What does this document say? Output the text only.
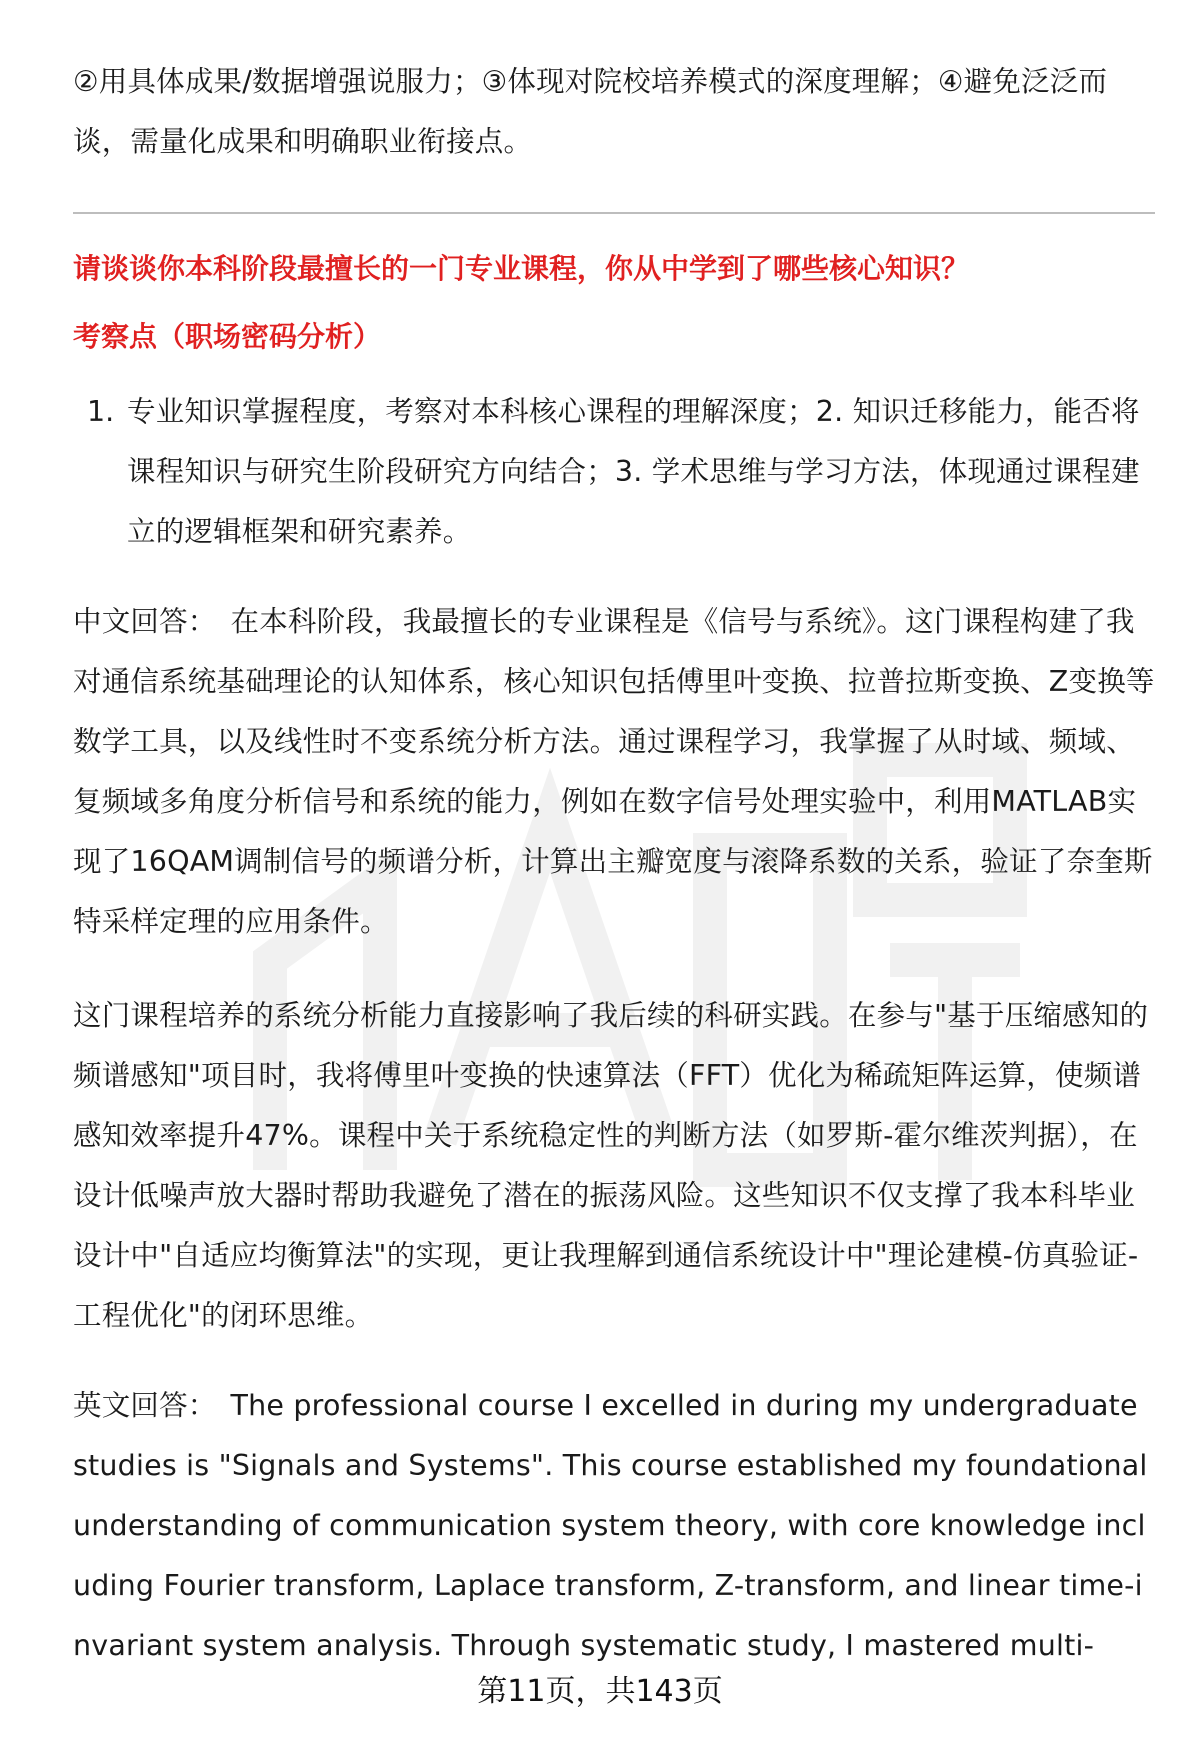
②用具体成果/数据增强说服力；③体现对院校培养模式的深度理解；④避免泛泛而谈，需量化成果和明确职业衔接点。

请谈谈你本科阶段最擅长的一门专业课程，你从中学到了哪些核心知识？

考察点（职场密码分析）

1. 专业知识掌握程度，考察对本科核心课程的理解深度；2. 知识迁移能力，能否将课程知识与研究生阶段研究方向结合；3. 学术思维与学习方法，体现通过课程建立的逻辑框架和研究素养。

中文回答： 在本科阶段，我最擅长的专业课程是《信号与系统》。这门课程构建了我对通信系统基础理论的认知体系，核心知识包括傅里叶变换、拉普拉斯变换、Z变换等数学工具，以及线性时不变系统分析方法。通过课程学习，我掌握了从时域、频域、复频域多角度分析信号和系统的能力，例如在数字信号处理实验中，利用MATLAB实现了16QAM调制信号的频谱分析，计算出主瓣宽度与滚降系数的关系，验证了奈奎斯特采样定理的应用条件。

这门课程培养的系统分析能力直接影响了我后续的科研实践。在参与"基于压缩感知的频谱感知"项目时，我将傅里叶变换的快速算法（FFT）优化为稀疏矩阵运算，使频谱感知效率提升47%。课程中关于系统稳定性的判断方法（如罗斯-霍尔维茨判据），在设计低噪声放大器时帮助我避免了潜在的振荡风险。这些知识不仅支撑了我本科毕业设计中"自适应均衡算法"的实现，更让我理解到通信系统设计中"理论建模-仿真验证-工程优化"的闭环思维。

英文回答： The professional course I excelled in during my undergraduate studies is "Signals and Systems". This course established my foundational understanding of communication system theory, with core knowledge including Fourier transform, Laplace transform, Z-transform, and linear time-invariant system analysis. Through systematic study, I mastered multi-

第11页，共143页
